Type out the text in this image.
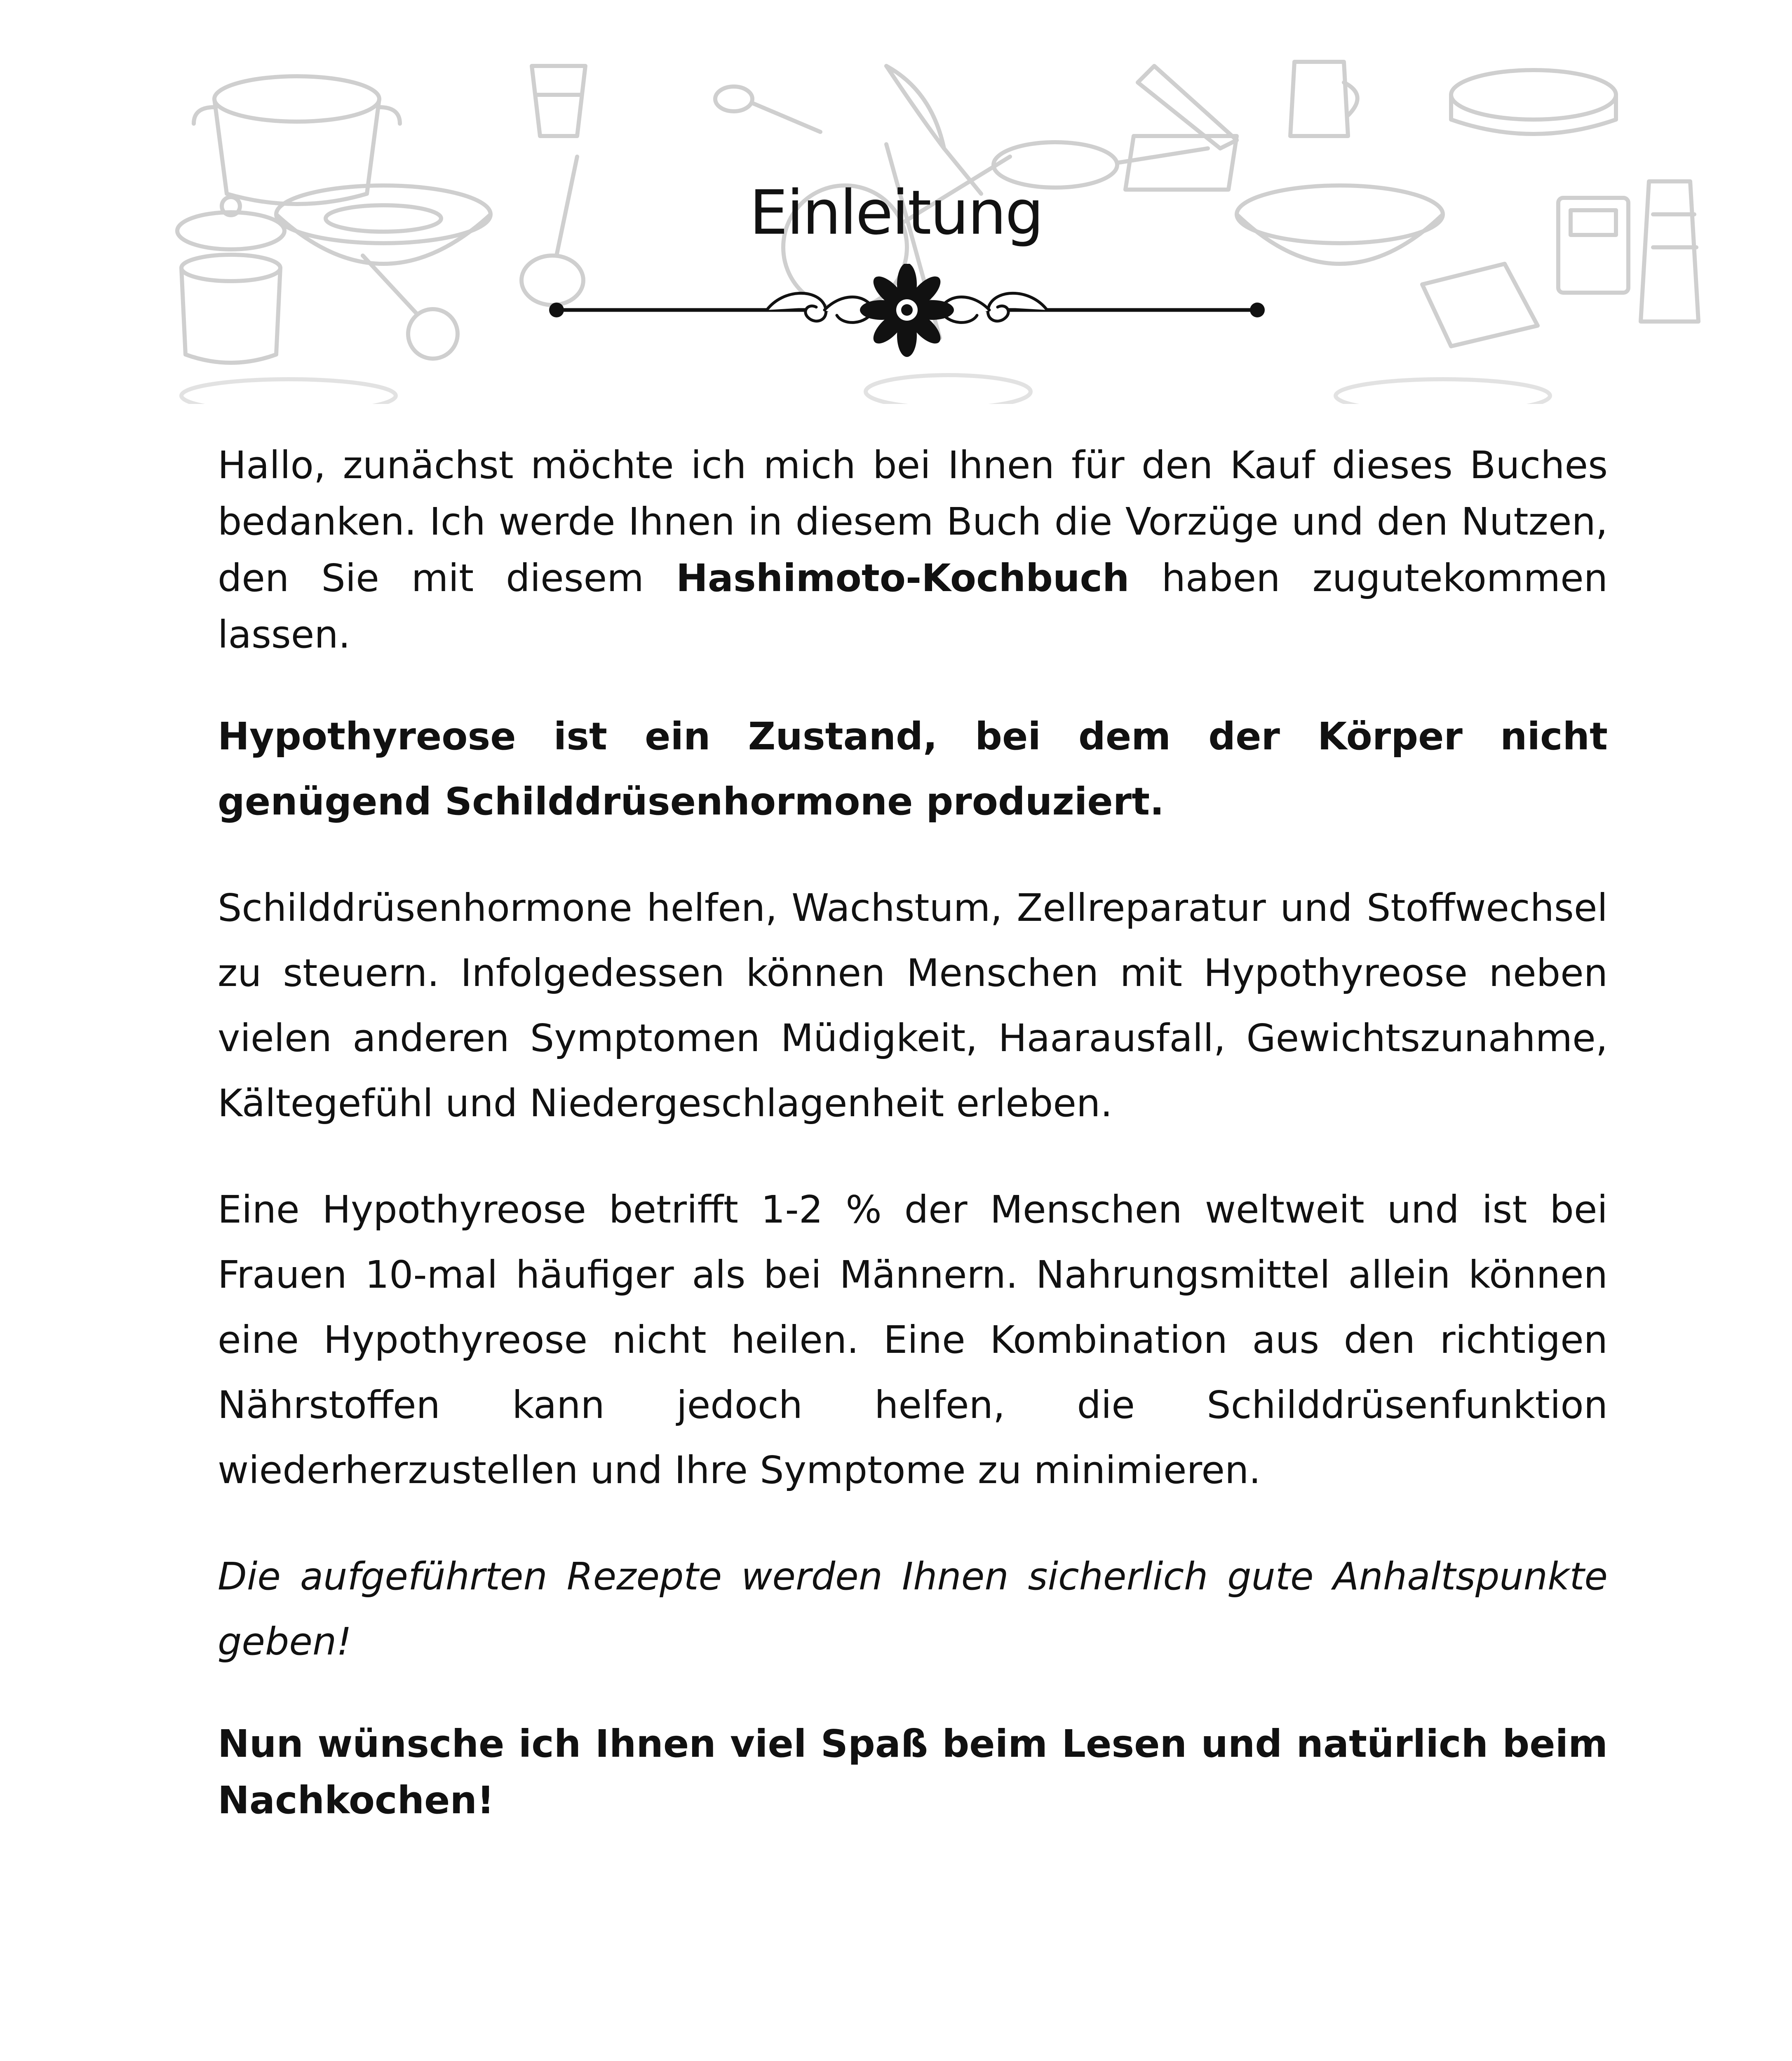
Einleitung

Hallo, zunächst möchte ich mich bei Ihnen für den Kauf dieses Buches bedanken. Ich werde Ihnen in diesem Buch die Vorzüge und den Nutzen, den Sie mit diesem Hashimoto-Kochbuch haben zugutekommen lassen.

Hypothyreose ist ein Zustand, bei dem der Körper nicht genügend Schilddrüsenhormone produziert.

Schilddrüsenhormone helfen, Wachstum, Zellreparatur und Stoffwechsel zu steuern. Infolgedessen können Menschen mit Hypothyreose neben vielen anderen Symptomen Müdigkeit, Haarausfall, Gewichtszunahme, Kältegefühl und Niedergeschlagenheit erleben.

Eine Hypothyreose betrifft 1-2 % der Menschen weltweit und ist bei Frauen 10-mal häufiger als bei Männern. Nahrungsmittel allein können eine Hypothyreose nicht heilen. Eine Kombination aus den richtigen Nährstoffen kann jedoch helfen, die Schilddrüsenfunktion wiederherzustellen und Ihre Symptome zu minimieren.

Die aufgeführten Rezepte werden Ihnen sicherlich gute Anhaltspunkte geben!

Nun wünsche ich Ihnen viel Spaß beim Lesen und natürlich beim Nachkochen!
